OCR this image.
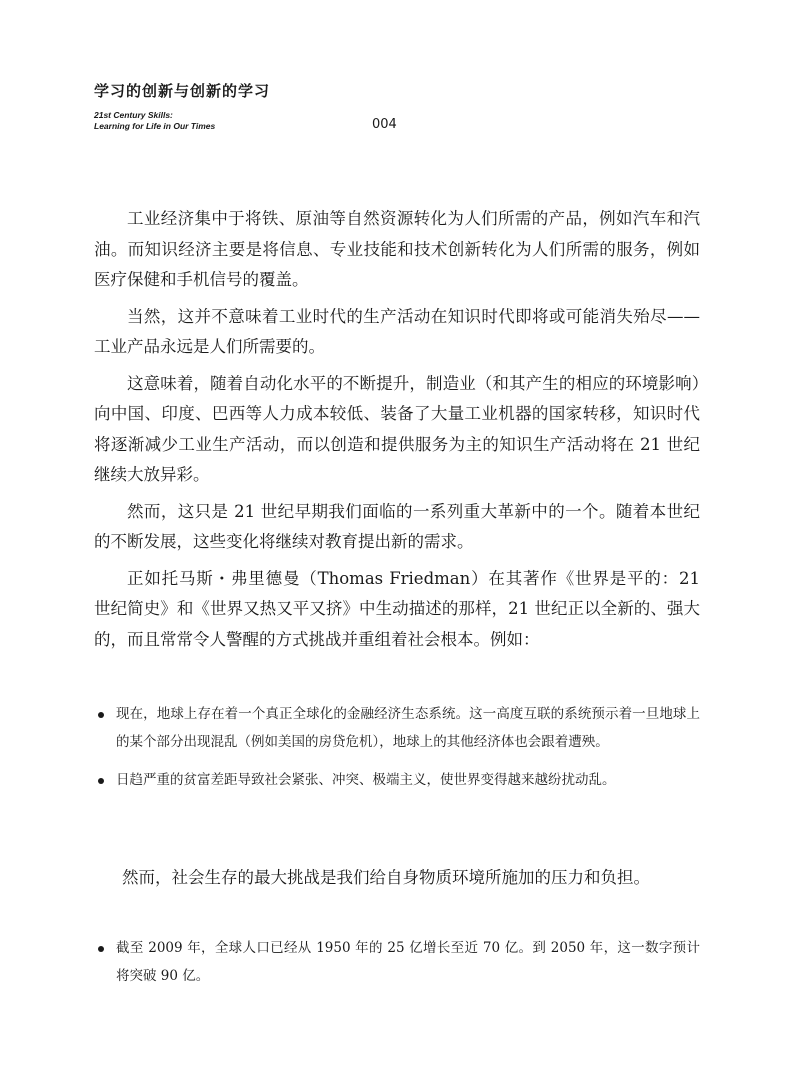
学习的创新与创新的学习
21st Century Skills:
Learning for Life in Our Times	004

工业经济集中于将铁、原油等自然资源转化为人们所需的产品，例如汽车和汽油。而知识经济主要是将信息、专业技能和技术创新转化为人们所需的服务，例如医疗保健和手机信号的覆盖。

当然，这并不意味着工业时代的生产活动在知识时代即将或可能消失殆尽——工业产品永远是人们所需要的。

这意味着，随着自动化水平的不断提升，制造业（和其产生的相应的环境影响）向中国、印度、巴西等人力成本较低、装备了大量工业机器的国家转移，知识时代将逐渐减少工业生产活动，而以创造和提供服务为主的知识生产活动将在 21 世纪继续大放异彩。

然而，这只是 21 世纪早期我们面临的一系列重大革新中的一个。随着本世纪的不断发展，这些变化将继续对教育提出新的需求。

正如托马斯・弗里德曼（Thomas Friedman）在其著作《世界是平的：21 世纪简史》和《世界又热又平又挤》中生动描述的那样，21 世纪正以全新的、强大的，而且常常令人警醒的方式挑战并重组着社会根本。例如：

现在，地球上存在着一个真正全球化的金融经济生态系统。这一高度互联的系统预示着一旦地球上的某个部分出现混乱（例如美国的房贷危机），地球上的其他经济体也会跟着遭殃。
日趋严重的贫富差距导致社会紧张、冲突、极端主义，使世界变得越来越纷扰动乱。

然而，社会生存的最大挑战是我们给自身物质环境所施加的压力和负担。

截至 2009 年，全球人口已经从 1950 年的 25 亿增长至近 70 亿。到 2050 年，这一数字预计将突破 90 亿。
